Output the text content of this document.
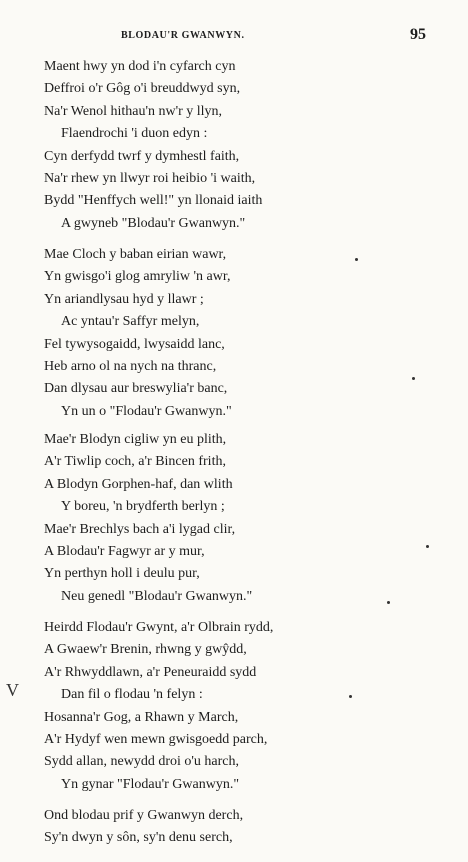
BLODAU'R GWANWYN.	95
Maent hwy yn dod i'n cyfarch cyn
Deffroi o'r Gôg o'i breuddwyd syn,
Na'r Wenol hithau'n nw'r y llyn,
Flaendrochi 'i duon edyn :
Cyn derfydd twrf y dymhestl faith,
Na'r rhew yn llwyr roi heibio 'i waith,
Bydd "Henffych well!" yn llonaid iaith
A gwyneb "Blodau'r Gwanwyn."
Mae Cloch y baban eirian wawr,
Yn gwisgo'i glog amryliw 'n awr,
Yn ariandlysau hyd y llawr ;
Ac yntau'r Saffyr melyn,
Fel tywysogaidd, lwysaidd lanc,
Heb arno ol na nych na thranc,
Dan dlysau aur breswylia'r banc,
Yn un o "Flodau'r Gwanwyn."
Mae'r Blodyn cigliw yn eu plith,
A'r Tiwlip coch, a'r Bincen frith,
A Blodyn Gorphen-haf, dan wlith
Y boreu, 'n brydferth berlyn ;
Mae'r Brechlys bach a'i lygad clir,
A Blodau'r Fagwyr ar y mur,
Yn perthyn holl i deulu pur,
Neu genedl "Blodau'r Gwanwyn."
Heirdd Flodau'r Gwynt, a'r Olbrain rydd,
A Gwaew'r Brenin, rhwng y gwŷdd,
A'r Rhwyddlawn, a'r Peneuraidd sydd
Dan fil o flodau 'n felyn :
Hosanna'r Gog, a Rhawn y March,
A'r Hydyf wen mewn gwisgoedd parch,
Sydd allan, newydd droi o'u harch,
Yn gynar "Flodau'r Gwanwyn."
Ond blodau prif y Gwanwyn derch,
Sy'n dwyn y sôn, sy'n denu serch,
V
